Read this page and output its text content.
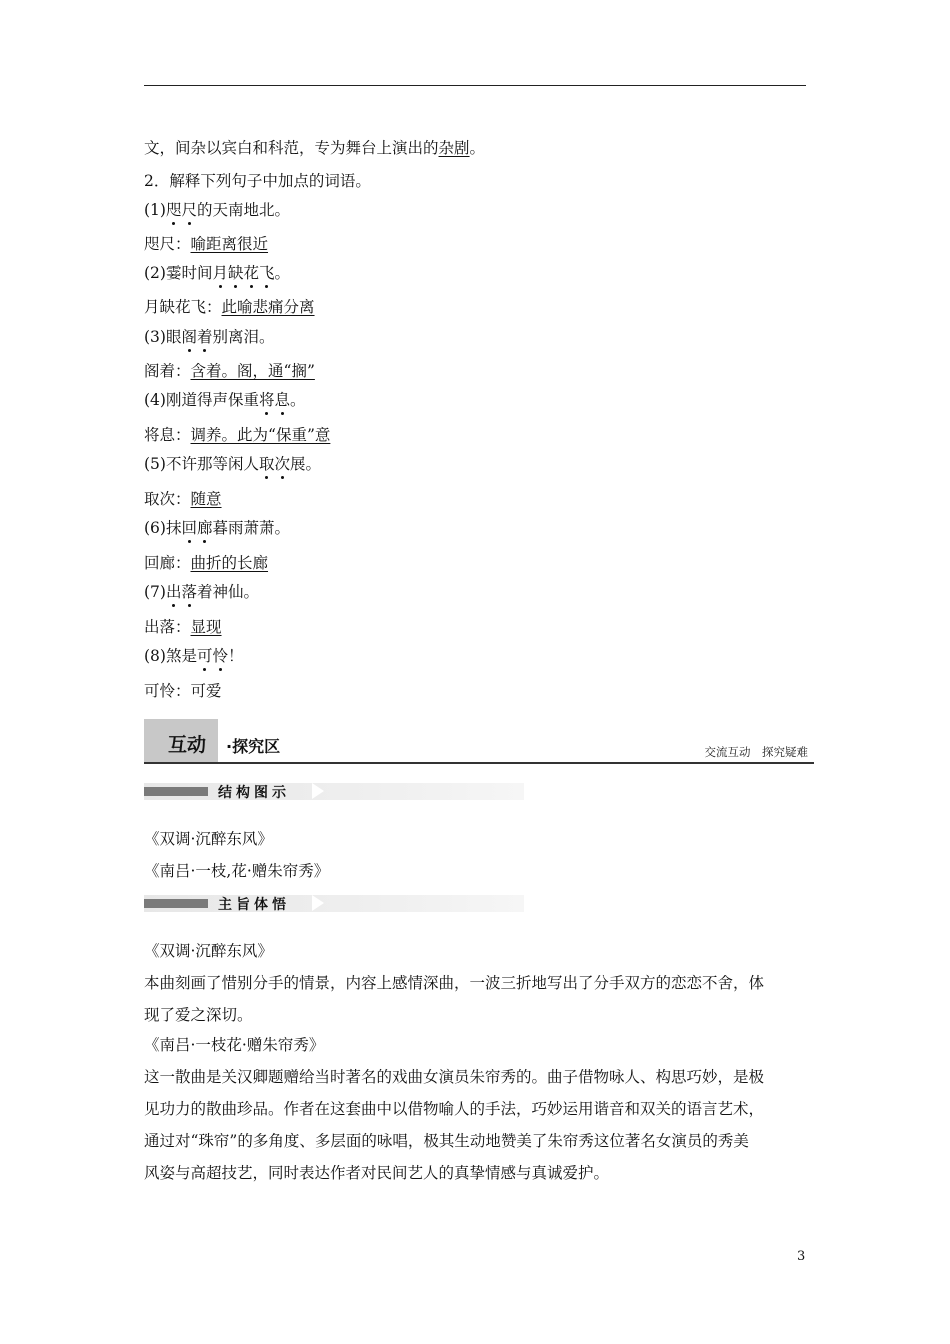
文，间杂以宾白和科范，专为舞台上演出的杂剧。
2．解释下列句子中加点的词语。
(1)咫尺的天南地北。
咫尺：喻距离很近
(2)霎时间月缺花飞。
月缺花飞：此喻悲痛分离
(3)眼阁着别离泪。
阁着：含着。阁，通“搁”
(4)刚道得声保重将息。
将息：调养。此为“保重”意
(5)不许那等闲人取次展。
取次：随意
(6)抹回廊暮雨萧萧。
回廊：曲折的长廊
(7)出落着神仙。
出落：显现
(8)煞是可怜！
可怜：可爱
互动 ·探究区	交流互动　探究疑难
结构图示
《双调·沉醉东风》
《南吕·一枝,花·赠朱帘秀》
主旨体悟
《双调·沉醉东风》
本曲刻画了惜别分手的情景，内容上感情深曲，一波三折地写出了分手双方的恋恋不舍，体
现了爱之深切。
《南吕·一枝花·赠朱帘秀》
这一散曲是关汉卿题赠给当时著名的戏曲女演员朱帘秀的。曲子借物咏人、构思巧妙，是极
见功力的散曲珍品。作者在这套曲中以借物喻人的手法，巧妙运用谐音和双关的语言艺术，
通过对“珠帘”的多角度、多层面的咏唱，极其生动地赞美了朱帘秀这位著名女演员的秀美
风姿与高超技艺，同时表达作者对民间艺人的真挚情感与真诚爱护。
3
